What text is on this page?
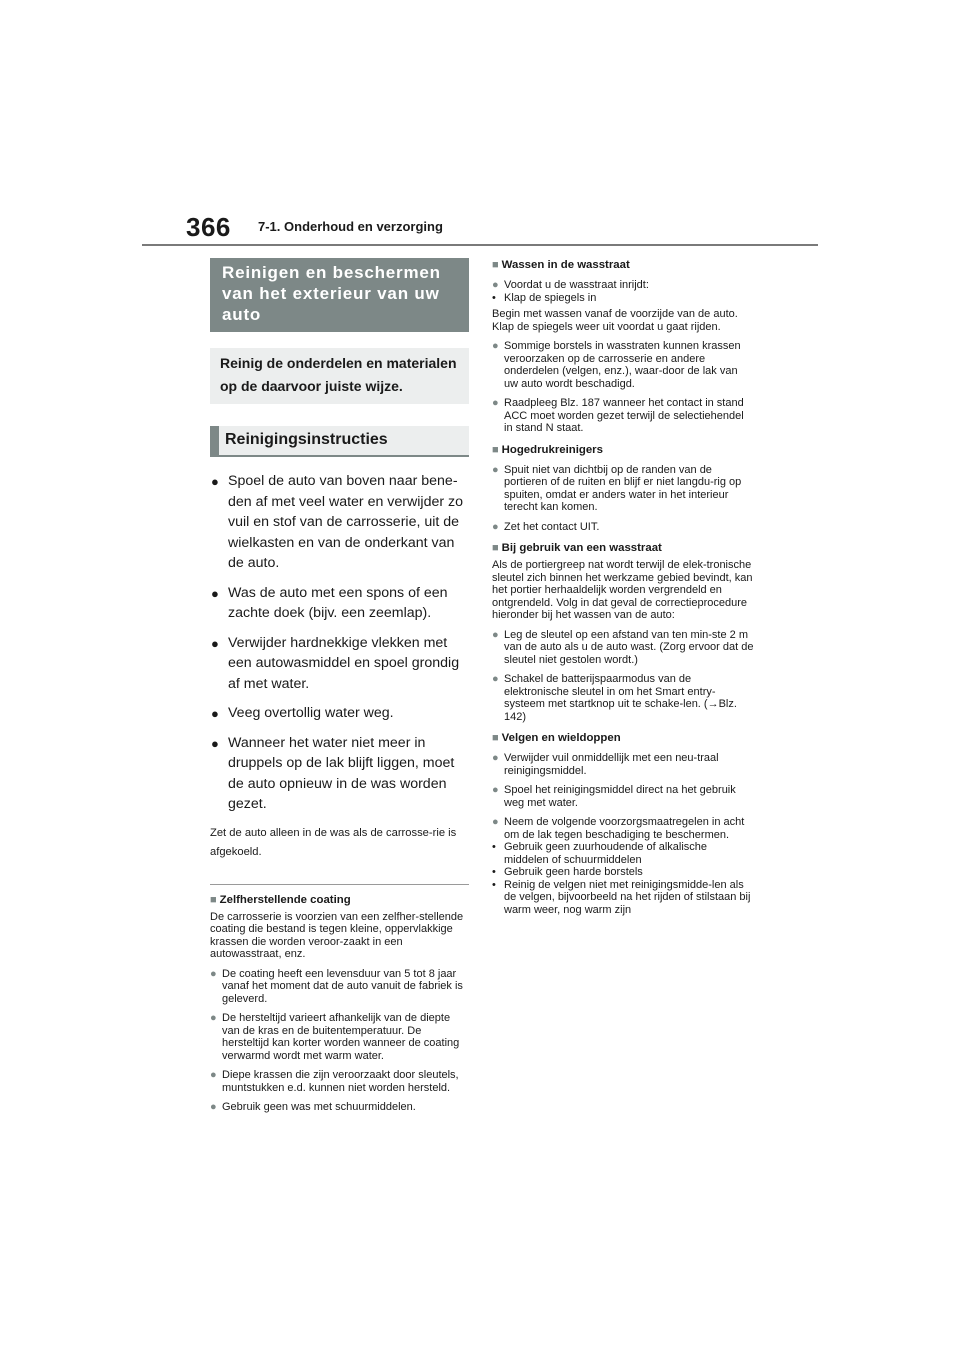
366 7-1. Onderhoud en verzorging
Reinigen en beschermen van het exterieur van uw auto
Reinig de onderdelen en materialen op de daarvoor juiste wijze.
Reinigingsinstructies
● Spoel de auto van boven naar bene-den af met veel water en verwijder zo vuil en stof van de carrosserie, uit de wielkasten en van de onderkant van de auto.
● Was de auto met een spons of een zachte doek (bijv. een zeemlap).
● Verwijder hardnekkige vlekken met een autowasmiddel en spoel grondig af met water.
● Veeg overtollig water weg.
● Wanneer het water niet meer in druppels op de lak blijft liggen, moet de auto opnieuw in de was worden gezet.
Zet de auto alleen in de was als de carrosse-rie is afgekoeld.
■ Zelfherstellende coating
De carrosserie is voorzien van een zelfher-stellende coating die bestand is tegen kleine, oppervlakkige krassen die worden veroor-zaakt in een autowasstraat, enz.
● De coating heeft een levensduur van 5 tot 8 jaar vanaf het moment dat de auto vanuit de fabriek is geleverd.
● De hersteltijd varieert afhankelijk van de diepte van de kras en de buitentemperatuur. De hersteltijd kan korter worden wanneer de coating verwarmd wordt met warm water.
● Diepe krassen die zijn veroorzaakt door sleutels, muntstukken e.d. kunnen niet worden hersteld.
● Gebruik geen was met schuurmiddelen.
■ Wassen in de wasstraat
● Voordat u de wasstraat inrijdt:
• Klap de spiegels in
Begin met wassen vanaf de voorzijde van de auto. Klap de spiegels weer uit voordat u gaat rijden.
● Sommige borstels in wasstraten kunnen krassen veroorzaken op de carrosserie en andere onderdelen (velgen, enz.), waar-door de lak van uw auto wordt beschadigd.
● Raadpleeg Blz. 187 wanneer het contact in stand ACC moet worden gezet terwijl de selectiehendel in stand N staat.
■ Hogedrukreinigers
● Spuit niet van dichtbij op de randen van de portieren of de ruiten en blijf er niet langdu-rig op spuiten, omdat er anders water in het interieur terecht kan komen.
● Zet het contact UIT.
■ Bij gebruik van een wasstraat
Als de portiergreep nat wordt terwijl de elek-tronische sleutel zich binnen het werkzame gebied bevindt, kan het portier herhaaldelijk worden vergrendeld en ontgrendeld. Volg in dat geval de correctieprocedure hieronder bij het wassen van de auto:
● Leg de sleutel op een afstand van ten min-ste 2 m van de auto als u de auto wast. (Zorg ervoor dat de sleutel niet gestolen wordt.)
● Schakel de batterijspaarmodus van de elektronische sleutel in om het Smart entry-systeem met startknop uit te schake-len. (→Blz. 142)
■ Velgen en wieldoppen
● Verwijder vuil onmiddellijk met een neu-traal reinigingsmiddel.
● Spoel het reinigingsmiddel direct na het gebruik weg met water.
● Neem de volgende voorzorgsmaatregelen in acht om de lak tegen beschadiging te beschermen.
• Gebruik geen zuurhoudende of alkalische middelen of schuurmiddelen
• Gebruik geen harde borstels
• Reinig de velgen niet met reinigingsmidde-len als de velgen, bijvoorbeeld na het rijden of stilstaan bij warm weer, nog warm zijn
